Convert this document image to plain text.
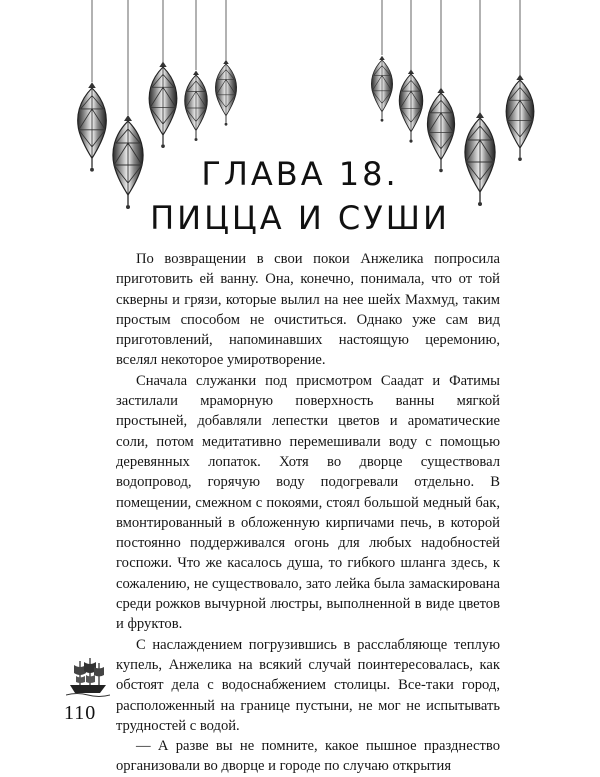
ГЛАВА 18.
ПИЦЦА И СУШИ

По возвращении в свои покои Анжелика попросила приготовить ей ванну. Она, конечно, понимала, что от той скверны и грязи, которые вылил на нее шейх Махмуд, таким простым способом не очиститься. Однако уже сам вид приготовлений, напоминавших настоящую церемонию, вселял некоторое умиротворение.

Сначала служанки под присмотром Саадат и Фатимы застилали мраморную поверхность ванны мягкой простыней, добавляли лепестки цветов и ароматические соли, потом медитативно перемешивали воду с помощью деревянных лопаток. Хотя во дворце существовал водопровод, горячую воду подогревали отдельно. В помещении, смежном с покоями, стоял большой медный бак, вмонтированный в обложенную кирпичами печь, в которой постоянно поддерживался огонь для любых надобностей госпожи. Что же касалось душа, то гибкого шланга здесь, к сожалению, не существовало, зато лейка была замаскирована среди рожков вычурной люстры, выполненной в виде цветов и фруктов.

С наслаждением погрузившись в расслабляюще теплую купель, Анжелика на всякий случай поинтересовалась, как обстоят дела с водоснабжением столицы. Все-таки город, расположенный на границе пустыни, не мог не испытывать трудностей с водой.

— А разве вы не помните, какое пышное празднество организовали во дворце и городе по случаю открытия

110
